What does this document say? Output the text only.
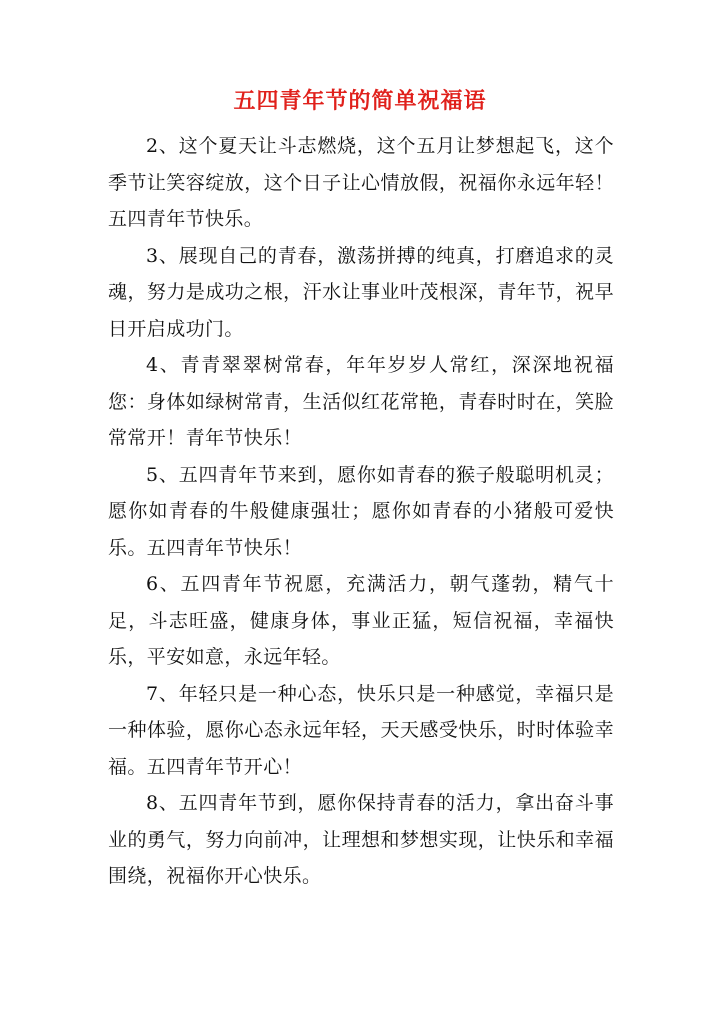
五四青年节的简单祝福语

2、这个夏天让斗志燃烧，这个五月让梦想起飞，这个季节让笑容绽放，这个日子让心情放假，祝福你永远年轻！五四青年节快乐。

3、展现自己的青春，激荡拼搏的纯真，打磨追求的灵魂，努力是成功之根，汗水让事业叶茂根深，青年节，祝早日开启成功门。

4、青青翠翠树常春，年年岁岁人常红，深深地祝福您：身体如绿树常青，生活似红花常艳，青春时时在，笑脸常常开！青年节快乐！

5、五四青年节来到，愿你如青春的猴子般聪明机灵；愿你如青春的牛般健康强壮；愿你如青春的小猪般可爱快乐。五四青年节快乐！

6、五四青年节祝愿，充满活力，朝气蓬勃，精气十足，斗志旺盛，健康身体，事业正猛，短信祝福，幸福快乐，平安如意，永远年轻。

7、年轻只是一种心态，快乐只是一种感觉，幸福只是一种体验，愿你心态永远年轻，天天感受快乐，时时体验幸福。五四青年节开心！

8、五四青年节到，愿你保持青春的活力，拿出奋斗事业的勇气，努力向前冲，让理想和梦想实现，让快乐和幸福围绕，祝福你开心快乐。
